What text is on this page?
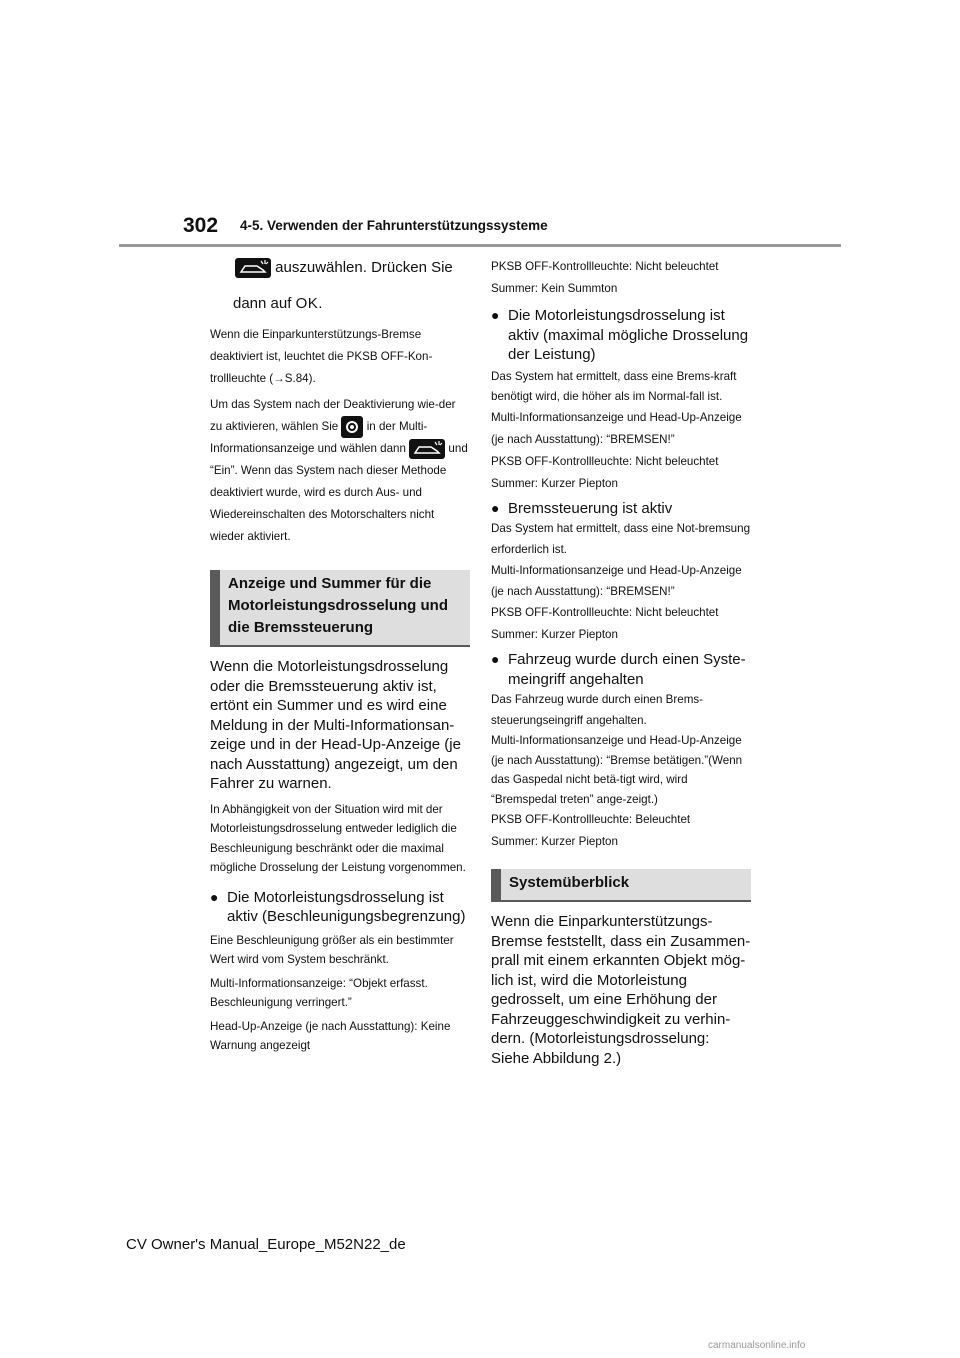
302 4-5. Verwenden der Fahrunterstützungssysteme
auszuwählen. Drücken Sie
dann auf OK.

Wenn die Einparkunterstützungs-Bremse deaktiviert ist, leuchtet die PKSB OFF-Kon-trollleuchte (→S.84).

Um das System nach der Deaktivierung wie-der zu aktivieren, wählen Sie in der Multi-Informationsanzeige und wählen dann	und “Ein”. Wenn das System nach dieser Methode deaktiviert wurde, wird es durch Aus- und Wiedereinschalten des Motorschalters nicht wieder aktiviert.

Anzeige und Summer für die Motorleistungsdrosselung und die Bremssteuerung

Wenn die Motorleistungsdrosselung oder die Bremssteuerung aktiv ist, ertönt ein Summer und es wird eine Meldung in der Multi-Informationsan-zeige und in der Head-Up-Anzeige (je nach Ausstattung) angezeigt, um den Fahrer zu warnen.

In Abhängigkeit von der Situation wird mit der Motorleistungsdrosselung entweder lediglich die Beschleunigung beschränkt oder die maximal mögliche Drosselung der Leistung vorgenommen.

● Die Motorleistungsdrosselung ist aktiv (Beschleunigungsbegrenzung)

Eine Beschleunigung größer als ein bestimmter Wert wird vom System beschränkt.

Multi-Informationsanzeige: “Objekt erfasst. Beschleunigung verringert.”

Head-Up-Anzeige (je nach Ausstattung): Keine Warnung angezeigt

PKSB OFF-Kontrollleuchte: Nicht beleuchtet

Summer: Kein Summton

● Die Motorleistungsdrosselung ist aktiv (maximal mögliche Drosselung der Leistung)

Das System hat ermittelt, dass eine Brems-kraft benötigt wird, die höher als im Normal-fall ist.

Multi-Informationsanzeige und Head-Up-Anzeige (je nach Ausstattung): “BREMSEN!”

PKSB OFF-Kontrollleuchte: Nicht beleuchtet

Summer: Kurzer Piepton

● Bremssteuerung ist aktiv

Das System hat ermittelt, dass eine Not-bremsung erforderlich ist.

Multi-Informationsanzeige und Head-Up-Anzeige (je nach Ausstattung): “BREMSEN!”

PKSB OFF-Kontrollleuchte: Nicht beleuchtet

Summer: Kurzer Piepton

● Fahrzeug wurde durch einen Syste-meingriff angehalten

Das Fahrzeug wurde durch einen Brems-steuerungseingriff angehalten.

Multi-Informationsanzeige und Head-Up-Anzeige (je nach Ausstattung): “Bremse betätigen.”(Wenn das Gaspedal nicht betä-tigt wird, wird “Bremspedal treten” ange-zeigt.)

PKSB OFF-Kontrollleuchte: Beleuchtet

Summer: Kurzer Piepton

Systemüberblick

Wenn die Einparkunterstützungs-Bremse feststellt, dass ein Zusammen-prall mit einem erkannten Objekt mög-lich ist, wird die Motorleistung gedrosselt, um eine Erhöhung der Fahrzeuggeschwindigkeit zu verhin-dern. (Motorleistungsdrosselung: Siehe Abbildung 2.)

CV Owner's Manual_Europe_M52N22_de
carmanualsonline.info
